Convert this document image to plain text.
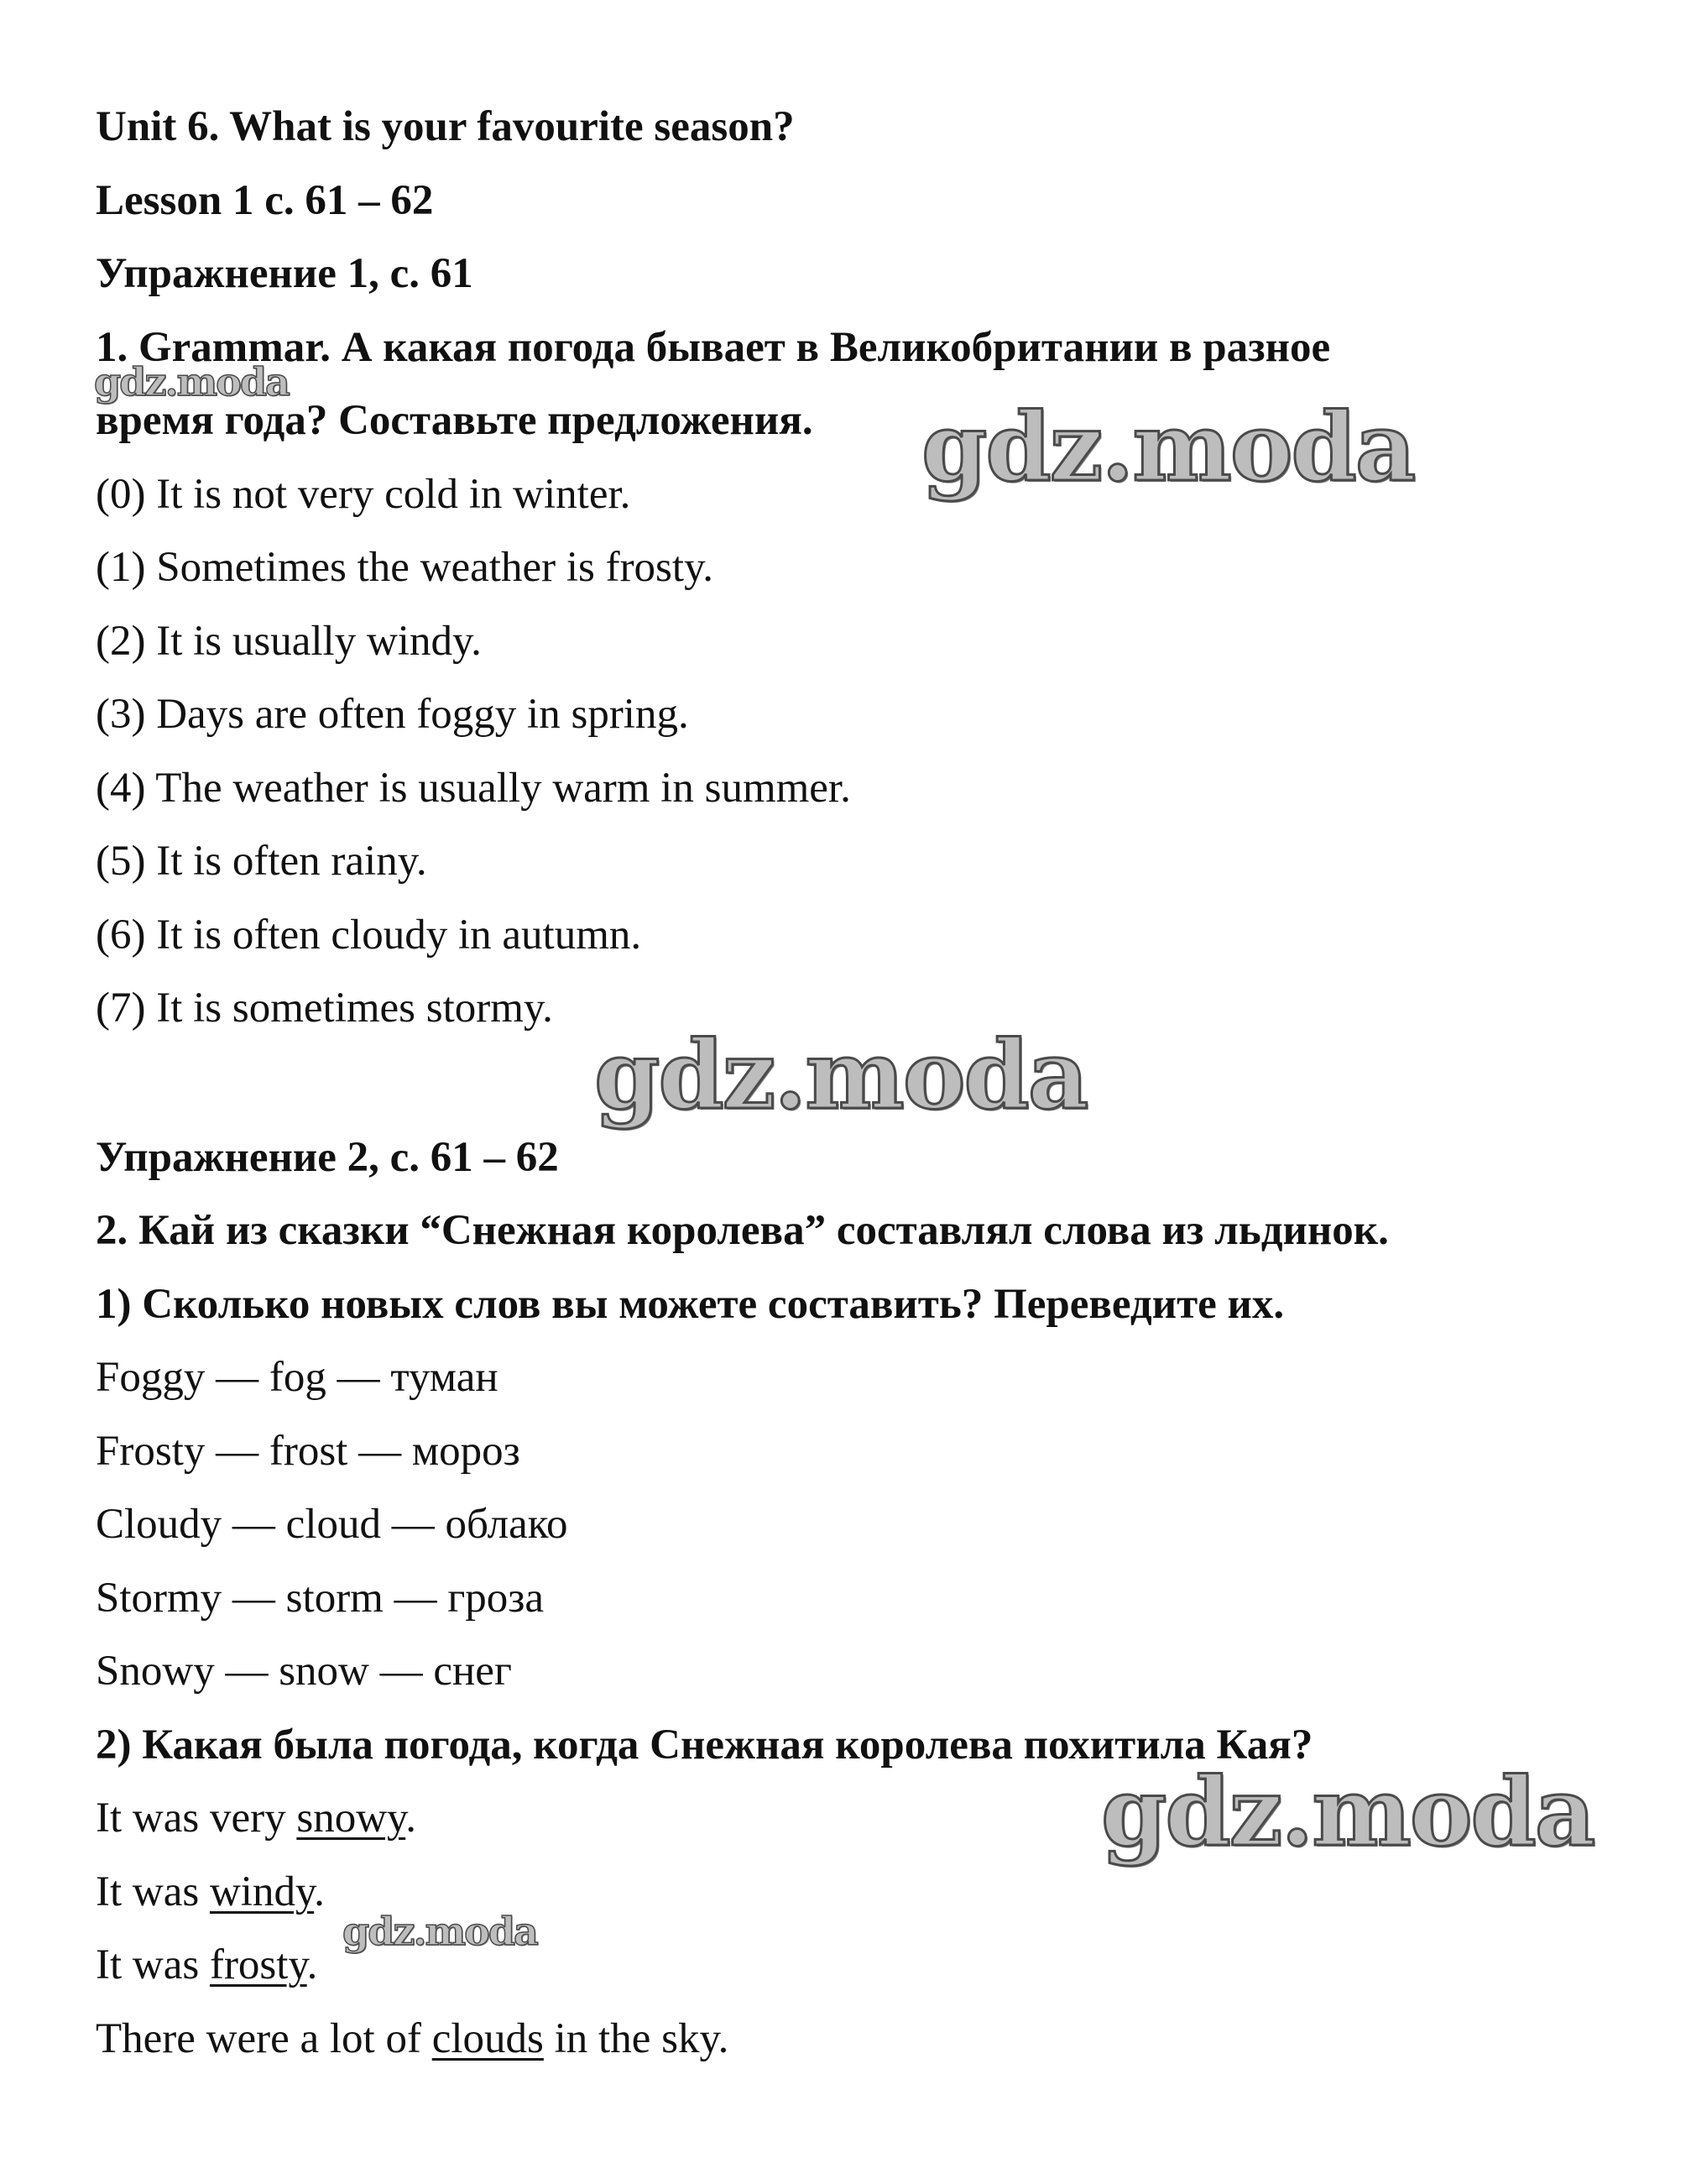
Unit 6. What is your favourite season?
Lesson 1 с. 61 – 62
Упражнение 1, с. 61
1. Grammar. А какая погода бывает в Великобритании в разное
время года? Составьте предложения.
(0) It is not very cold in winter.
(1) Sometimes the weather is frosty.
(2) It is usually windy.
(3) Days are often foggy in spring.
(4) The weather is usually warm in summer.
(5) It is often rainy.
(6) It is often cloudy in autumn.
(7) It is sometimes stormy.
Упражнение 2, с. 61 – 62
2. Кай из сказки “Снежная королева” составлял слова из льдинок.
1) Сколько новых слов вы можете составить? Переведите их.
Foggy — fog — туман
Frosty — frost — мороз
Cloudy — cloud — облако
Stormy — storm — гроза
Snowy — snow — снег
2) Какая была погода, когда Снежная королева похитила Кая?
It was very snowy.
It was windy.
It was frosty.
There were a lot of clouds in the sky.
gdz.moda
gdz.moda
gdz.moda
gdz.moda
gdz.moda
